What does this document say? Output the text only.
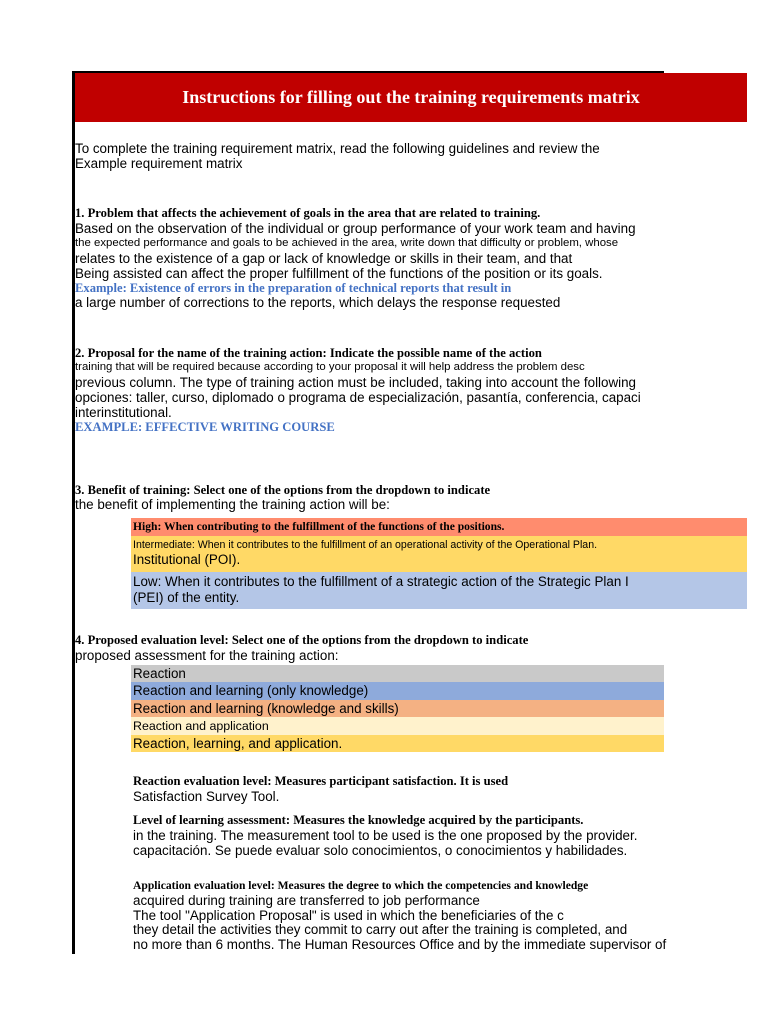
Instructions for filling out the training requirements matrix
To complete the training requirement matrix, read the following guidelines and review the
Example requirement matrix
1. Problem that affects the achievement of goals in the area that are related to training.
Based on the observation of the individual or group performance of your work team and having
the expected performance and goals to be achieved in the area, write down that difficulty or problem, whose
relates to the existence of a gap or lack of knowledge or skills in their team, and that
Being assisted can affect the proper fulfillment of the functions of the position or its goals.
Example: Existence of errors in the preparation of technical reports that result in
a large number of corrections to the reports, which delays the response requested
2. Proposal for the name of the training action: Indicate the possible name of the action
training that will be required because according to your proposal it will help address the problem desc
previous column. The type of training action must be included, taking into account the following
opciones: taller, curso, diplomado o programa de especialización, pasantía, conferencia, capaci
interinstitutional.
EXAMPLE: EFFECTIVE WRITING COURSE
3. Benefit of training: Select one of the options from the dropdown to indicate
the benefit of implementing the training action will be:
High: When contributing to the fulfillment of the functions of the positions.
Intermediate: When it contributes to the fulfillment of an operational activity of the Operational Plan.
Institutional (POI).
Low: When it contributes to the fulfillment of a strategic action of the Strategic Plan I
(PEI) of the entity.
4. Proposed evaluation level: Select one of the options from the dropdown to indicate
proposed assessment for the training action:
Reaction
Reaction and learning (only knowledge)
Reaction and learning (knowledge and skills)
Reaction and application
Reaction, learning, and application.
Reaction evaluation level: Measures participant satisfaction. It is used
Satisfaction Survey Tool.
Level of learning assessment: Measures the knowledge acquired by the participants.
in the training. The measurement tool to be used is the one proposed by the provider.
capacitación. Se puede evaluar solo conocimientos, o conocimientos y habilidades.
Application evaluation level: Measures the degree to which the competencies and knowledge
acquired during training are transferred to job performance
The tool "Application Proposal" is used in which the beneficiaries of the c
they detail the activities they commit to carry out after the training is completed, and
no more than 6 months. The Human Resources Office and by the immediate supervisor of
